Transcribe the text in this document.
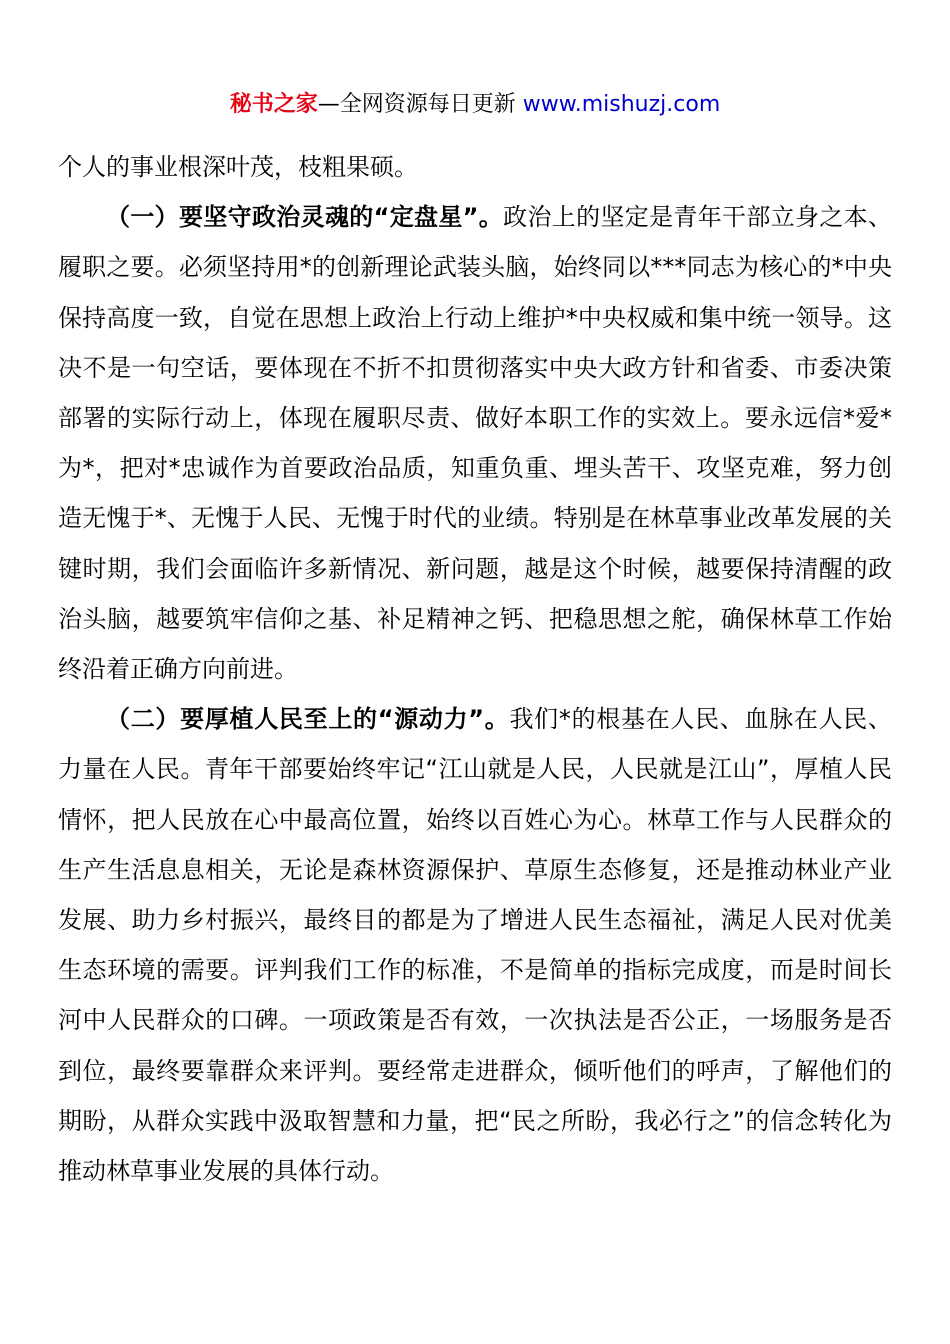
秘书之家—全网资源每日更新 www.mishuzj.com

个人的事业根深叶茂，枝粗果硕。

（一）要坚守政治灵魂的“定盘星”。政治上的坚定是青年干部立身之本、履职之要。必须坚持用*的创新理论武装头脑，始终同以***同志为核心的*中央保持高度一致，自觉在思想上政治上行动上维护*中央权威和集中统一领导。这决不是一句空话，要体现在不折不扣贯彻落实中央大政方针和省委、市委决策部署的实际行动上，体现在履职尽责、做好本职工作的实效上。要永远信*爱*为*，把对*忠诚作为首要政治品质，知重负重、埋头苦干、攻坚克难，努力创造无愧于*、无愧于人民、无愧于时代的业绩。特别是在林草事业改革发展的关键时期，我们会面临许多新情况、新问题，越是这个时候，越要保持清醒的政治头脑，越要筑牢信仰之基、补足精神之钙、把稳思想之舵，确保林草工作始终沿着正确方向前进。

（二）要厚植人民至上的“源动力”。我们*的根基在人民、血脉在人民、力量在人民。青年干部要始终牢记“江山就是人民，人民就是江山”，厚植人民情怀，把人民放在心中最高位置，始终以百姓心为心。林草工作与人民群众的生产生活息息相关，无论是森林资源保护、草原生态修复，还是推动林业产业发展、助力乡村振兴，最终目的都是为了增进人民生态福祉，满足人民对优美生态环境的需要。评判我们工作的标准，不是简单的指标完成度，而是时间长河中人民群众的口碑。一项政策是否有效，一次执法是否公正，一场服务是否到位，最终要靠群众来评判。要经常走进群众，倾听他们的呼声，了解他们的期盼，从群众实践中汲取智慧和力量，把“民之所盼，我必行之”的信念转化为推动林草事业发展的具体行动。
